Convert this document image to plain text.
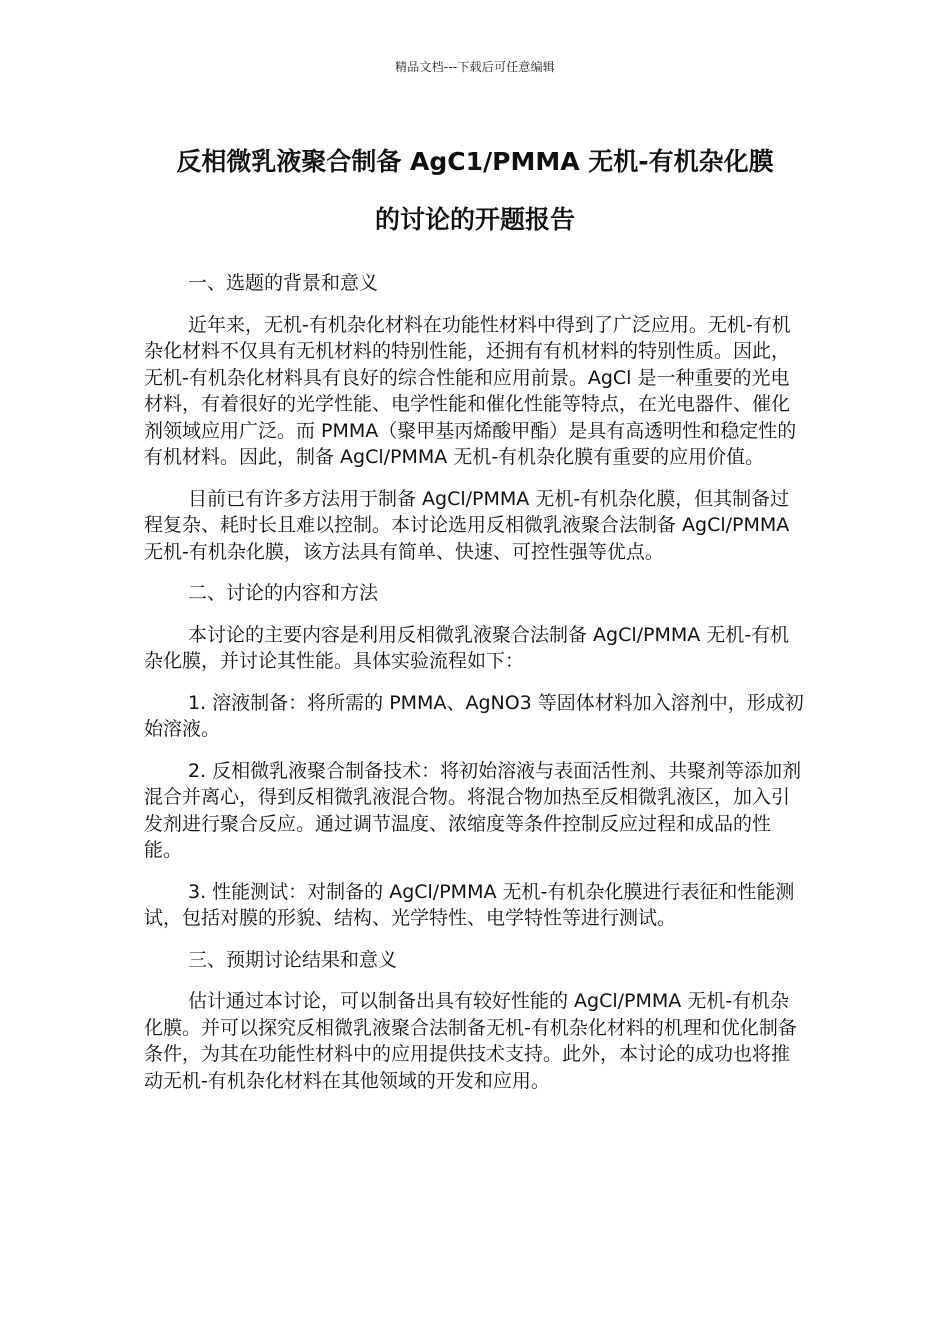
精品文档---下载后可任意编辑
反相微乳液聚合制备 AgC1/PMMA 无机-有机杂化膜
的讨论的开题报告

一、选题的背景和意义

近年来，无机-有机杂化材料在功能性材料中得到了广泛应用。无机-有机杂化材料不仅具有无机材料的特别性能，还拥有有机材料的特别性质。因此，无机-有机杂化材料具有良好的综合性能和应用前景。AgCl 是一种重要的光电材料，有着很好的光学性能、电学性能和催化性能等特点，在光电器件、催化剂领域应用广泛。而 PMMA（聚甲基丙烯酸甲酯）是具有高透明性和稳定性的有机材料。因此，制备 AgCl/PMMA 无机-有机杂化膜有重要的应用价值。

目前已有许多方法用于制备 AgCl/PMMA 无机-有机杂化膜，但其制备过程复杂、耗时长且难以控制。本讨论选用反相微乳液聚合法制备 AgCl/PMMA 无机-有机杂化膜，该方法具有简单、快速、可控性强等优点。

二、讨论的内容和方法

本讨论的主要内容是利用反相微乳液聚合法制备 AgCl/PMMA 无机-有机杂化膜，并讨论其性能。具体实验流程如下：

1. 溶液制备：将所需的 PMMA、AgNO3 等固体材料加入溶剂中，形成初始溶液。

2. 反相微乳液聚合制备技术：将初始溶液与表面活性剂、共聚剂等添加剂混合并离心，得到反相微乳液混合物。将混合物加热至反相微乳液区，加入引发剂进行聚合反应。通过调节温度、浓缩度等条件控制反应过程和成品的性能。

3. 性能测试：对制备的 AgCl/PMMA 无机-有机杂化膜进行表征和性能测试，包括对膜的形貌、结构、光学特性、电学特性等进行测试。

三、预期讨论结果和意义

估计通过本讨论，可以制备出具有较好性能的 AgCl/PMMA 无机-有机杂化膜。并可以探究反相微乳液聚合法制备无机-有机杂化材料的机理和优化制备条件，为其在功能性材料中的应用提供技术支持。此外，本讨论的成功也将推动无机-有机杂化材料在其他领域的开发和应用。
